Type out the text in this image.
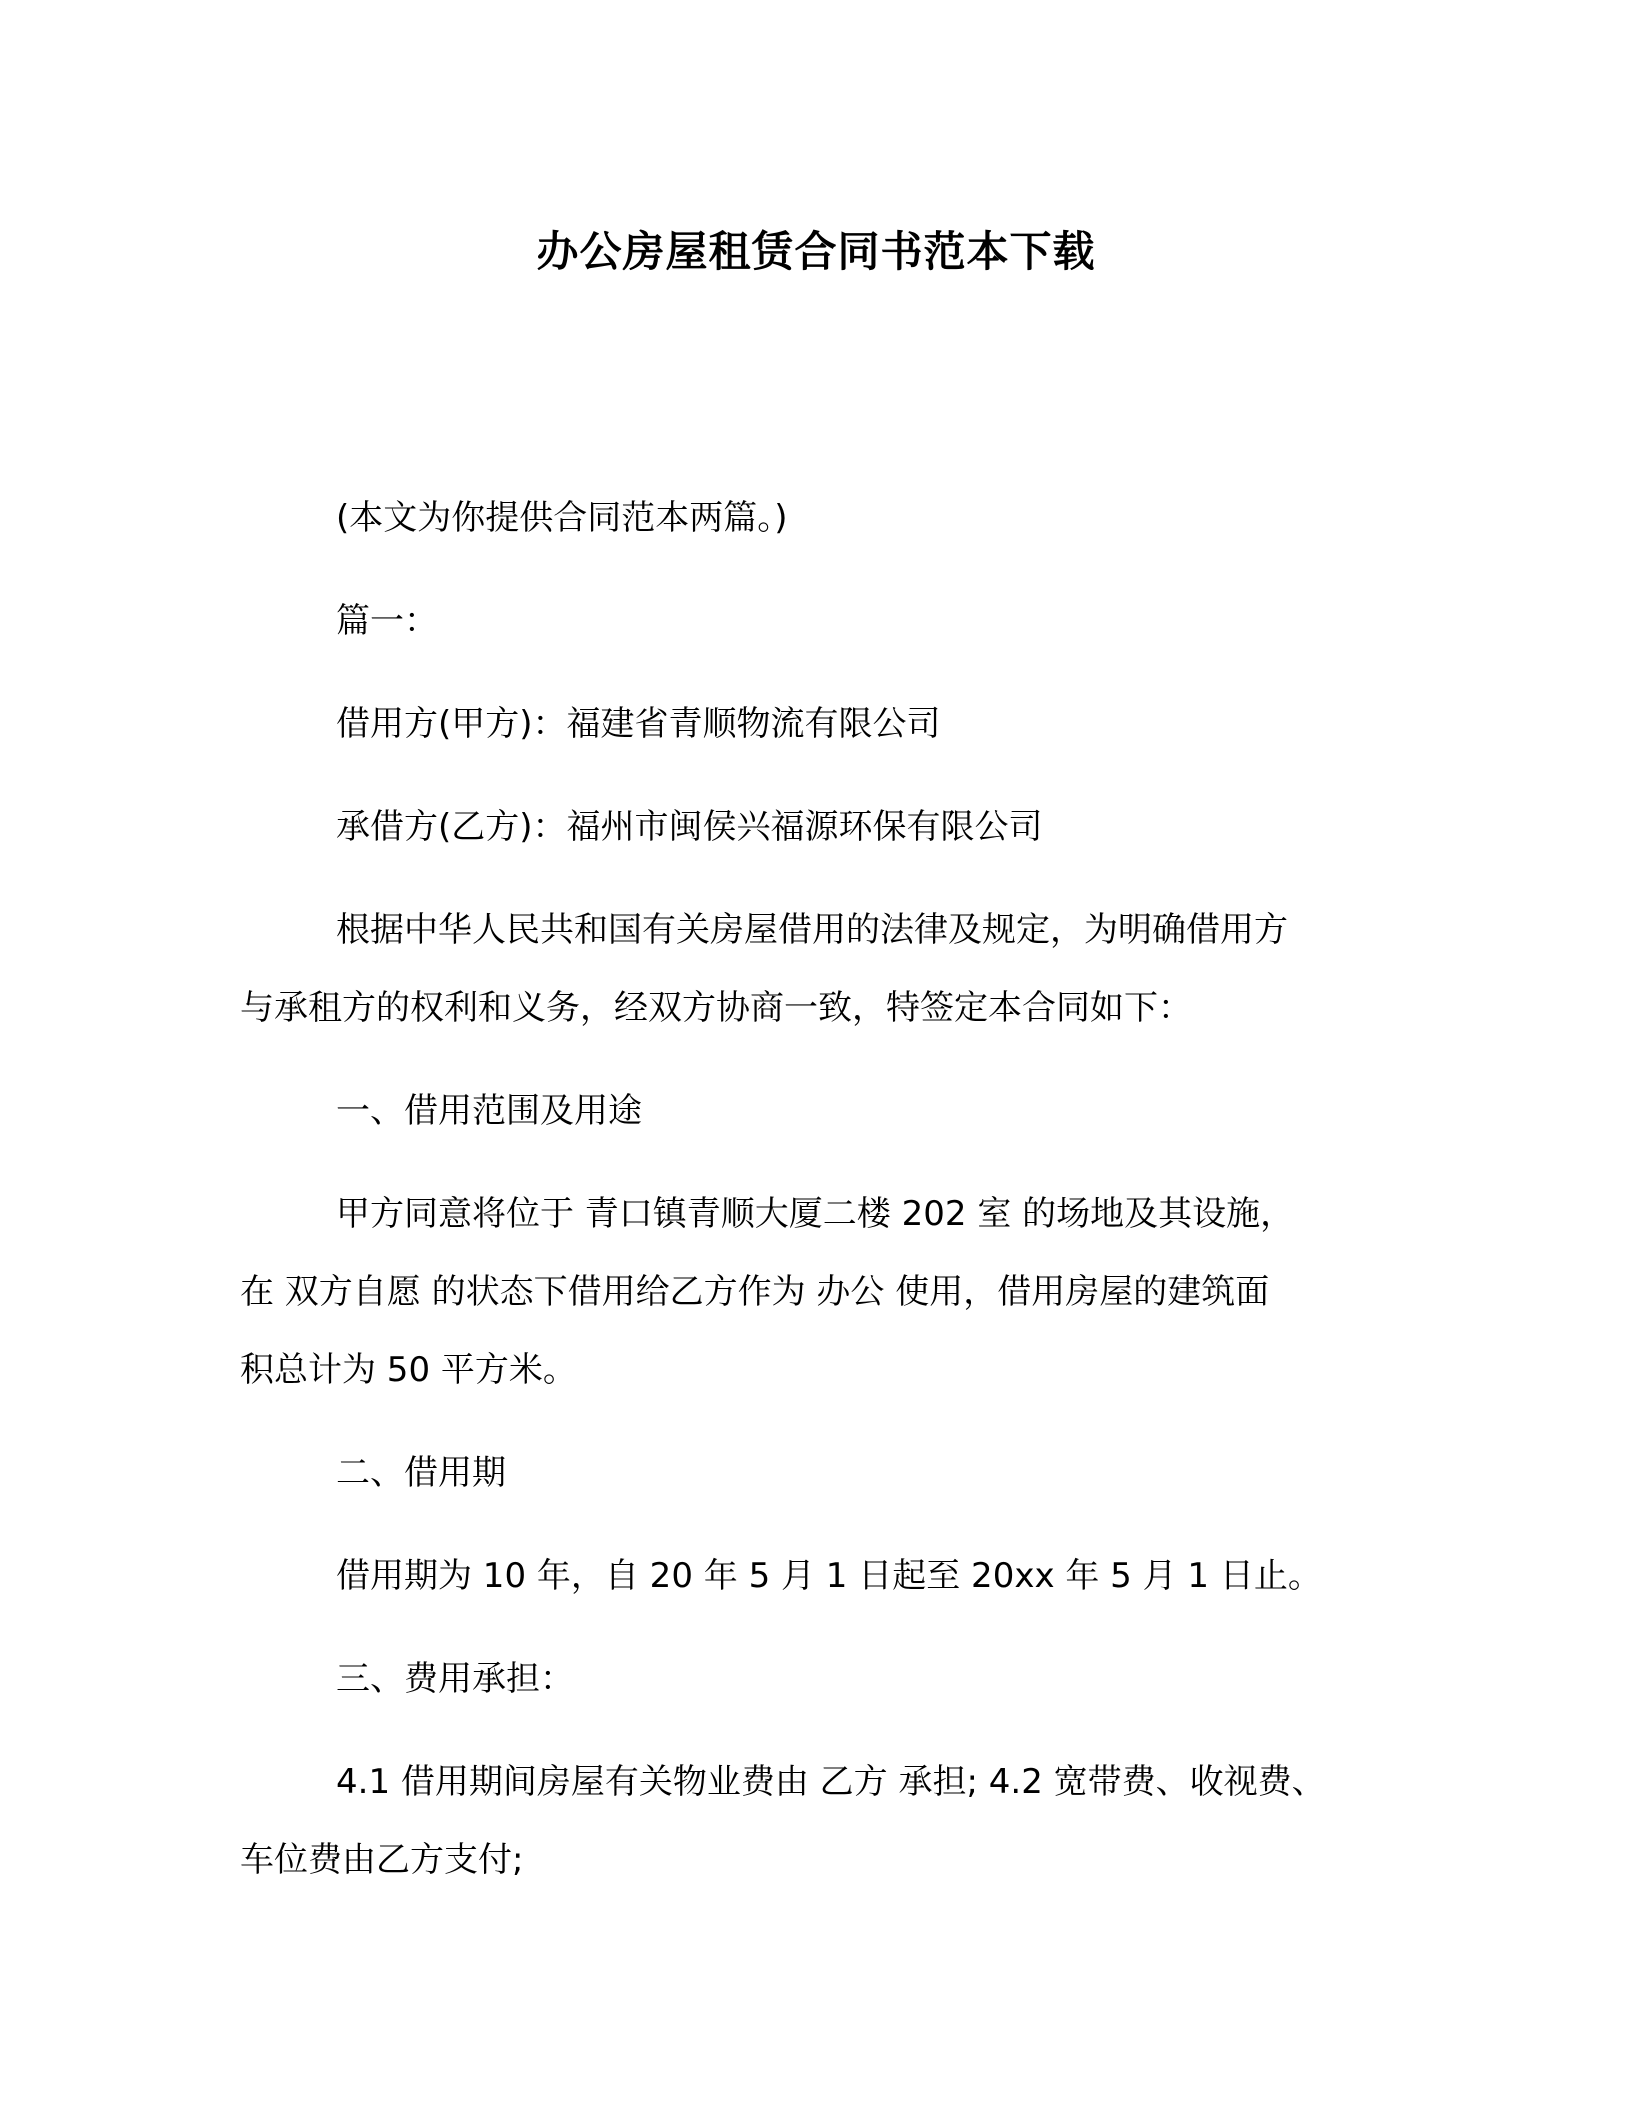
办公房屋租赁合同书范本下载
(本文为你提供合同范本两篇。)
篇一：
借用方(甲方)：福建省青顺物流有限公司
承借方(乙方)：福州市闽侯兴福源环保有限公司
根据中华人民共和国有关房屋借用的法律及规定，为明确借用方
与承租方的权利和义务，经双方协商一致，特签定本合同如下：
一、借用范围及用途
甲方同意将位于 青口镇青顺大厦二楼 202 室 的场地及其设施，
在 双方自愿 的状态下借用给乙方作为 办公 使用，借用房屋的建筑面
积总计为 50 平方米。
二、借用期
借用期为 10 年，自 20 年 5 月 1 日起至 20xx 年 5 月 1 日止。
三、费用承担：
4.1 借用期间房屋有关物业费由 乙方 承担; 4.2 宽带费、收视费、
车位费由乙方支付;
